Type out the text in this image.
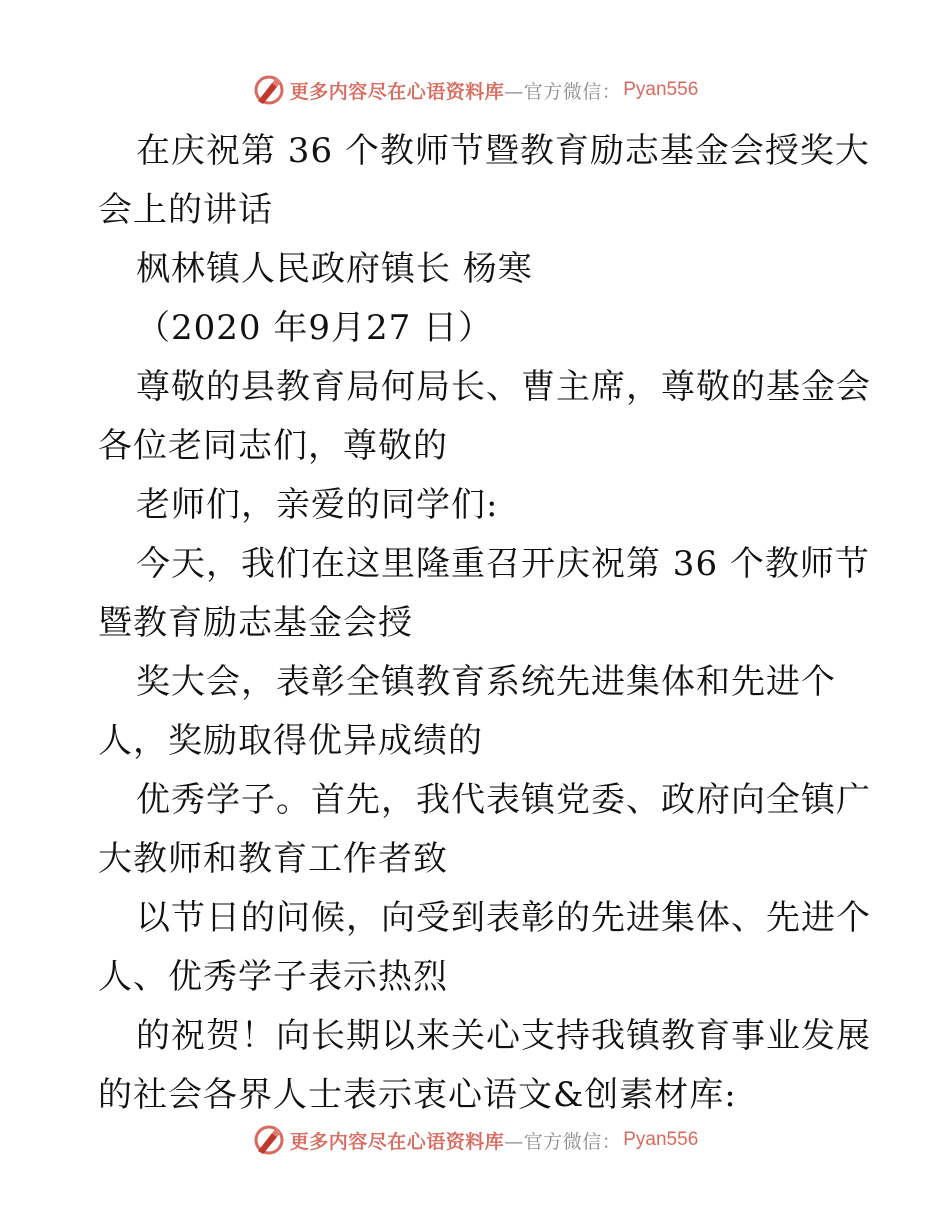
更多内容尽在心语资料库 —官方微信： Pyan556
在庆祝第 36 个教师节暨教育励志基金会授奖大
会上的讲话
枫林镇人民政府镇长 杨寒
（2020 年9月27 日）
尊敬的县教育局何局长、曹主席，尊敬的基金会
各位老同志们，尊敬的
老师们，亲爱的同学们:
今天，我们在这里隆重召开庆祝第 36 个教师节
暨教育励志基金会授
奖大会，表彰全镇教育系统先进集体和先进个
人，奖励取得优异成绩的
优秀学子。首先，我代表镇党委、政府向全镇广
大教师和教育工作者致
以节日的问候，向受到表彰的先进集体、先进个
人、优秀学子表示热烈
的祝贺！向长期以来关心支持我镇教育事业发展
的社会各界人士表示衷心语文&创素材库:
更多内容尽在心语资料库 —官方微信： Pyan556
